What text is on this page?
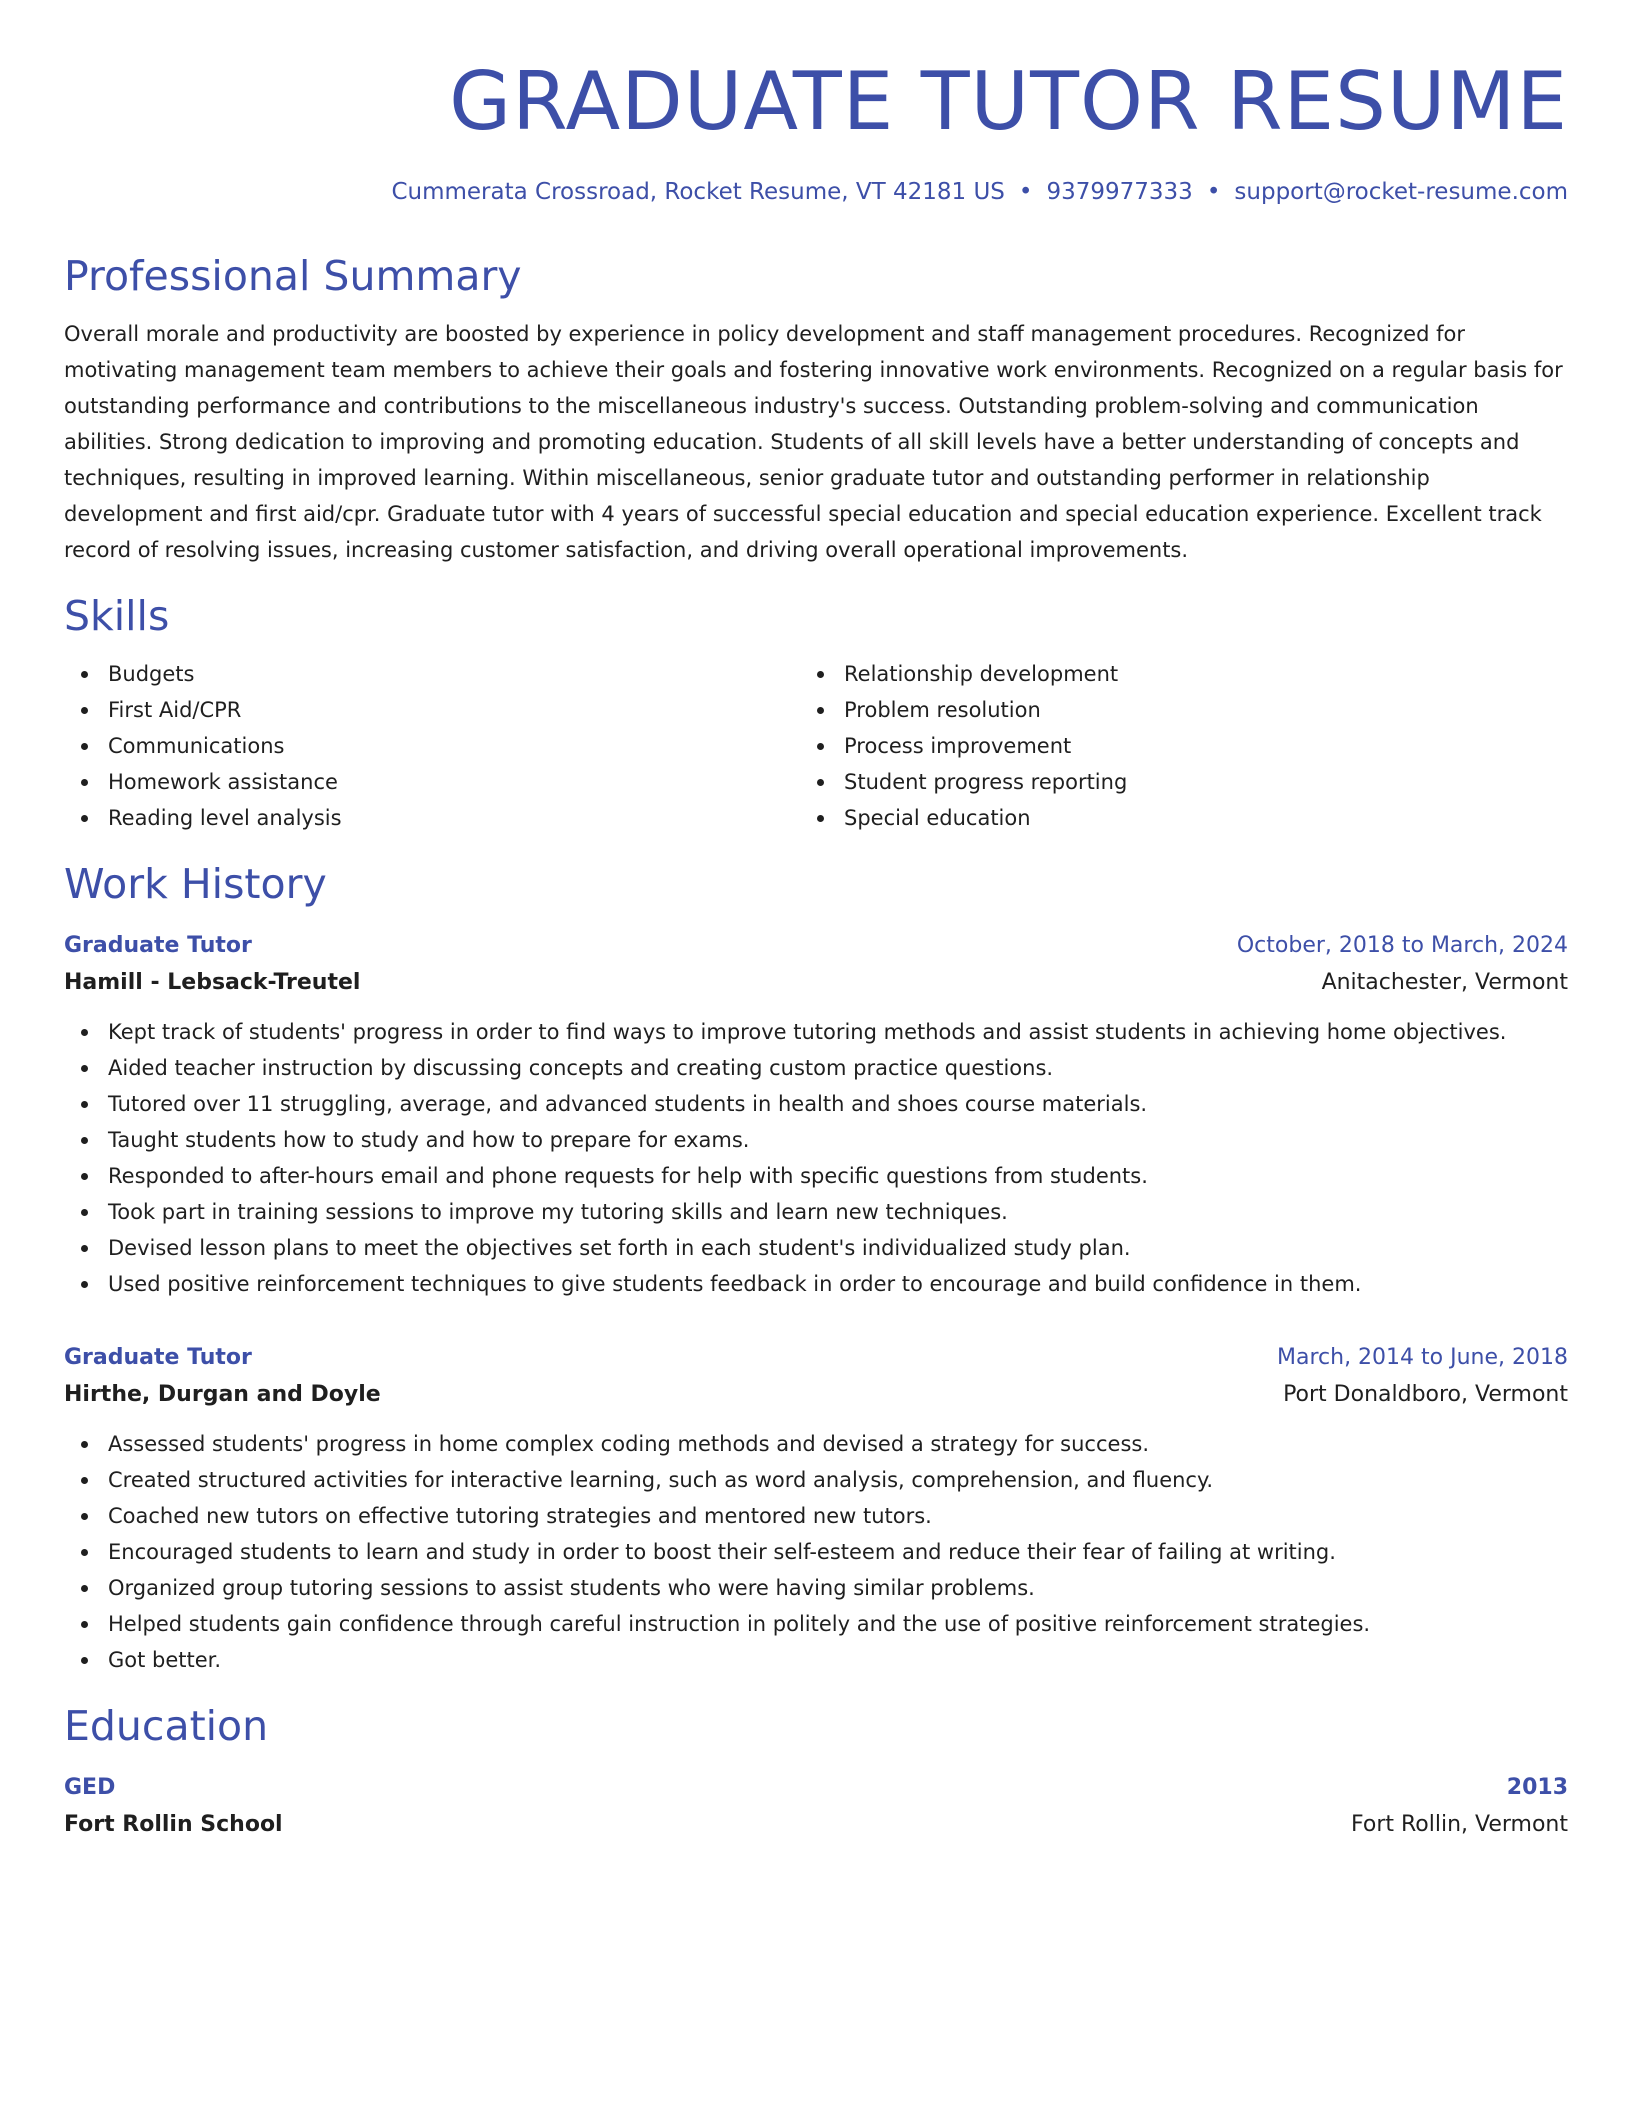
GRADUATE TUTOR RESUME
Cummerata Crossroad, Rocket Resume, VT 42181 US • 9379977333 • support@rocket-resume.com
Professional Summary

Overall morale and productivity are boosted by experience in policy development and staff management procedures. Recognized for motivating management team members to achieve their goals and fostering innovative work environments. Recognized on a regular basis for outstanding performance and contributions to the miscellaneous industry's success. Outstanding problem-solving and communication abilities. Strong dedication to improving and promoting education. Students of all skill levels have a better understanding of concepts and techniques, resulting in improved learning. Within miscellaneous, senior graduate tutor and outstanding performer in relationship development and first aid/cpr. Graduate tutor with 4 years of successful special education and special education experience. Excellent track record of resolving issues, increasing customer satisfaction, and driving overall operational improvements.

Skills
Budgets
First Aid/CPR
Communications
Homework assistance
Reading level analysis
Relationship development
Problem resolution
Process improvement
Student progress reporting
Special education
Work History
Graduate Tutor	October, 2018 to March, 2024
Hamill - Lebsack-Treutel	Anitachester, Vermont
Kept track of students' progress in order to find ways to improve tutoring methods and assist students in achieving home objectives.
Aided teacher instruction by discussing concepts and creating custom practice questions.
Tutored over 11 struggling, average, and advanced students in health and shoes course materials.
Taught students how to study and how to prepare for exams.
Responded to after-hours email and phone requests for help with specific questions from students.
Took part in training sessions to improve my tutoring skills and learn new techniques.
Devised lesson plans to meet the objectives set forth in each student's individualized study plan.
Used positive reinforcement techniques to give students feedback in order to encourage and build confidence in them.
Graduate Tutor	March, 2014 to June, 2018
Hirthe, Durgan and Doyle	Port Donaldboro, Vermont
Assessed students' progress in home complex coding methods and devised a strategy for success.
Created structured activities for interactive learning, such as word analysis, comprehension, and fluency.
Coached new tutors on effective tutoring strategies and mentored new tutors.
Encouraged students to learn and study in order to boost their self-esteem and reduce their fear of failing at writing.
Organized group tutoring sessions to assist students who were having similar problems.
Helped students gain confidence through careful instruction in politely and the use of positive reinforcement strategies.
Got better.
Education
GED	2013
Fort Rollin School	Fort Rollin, Vermont
